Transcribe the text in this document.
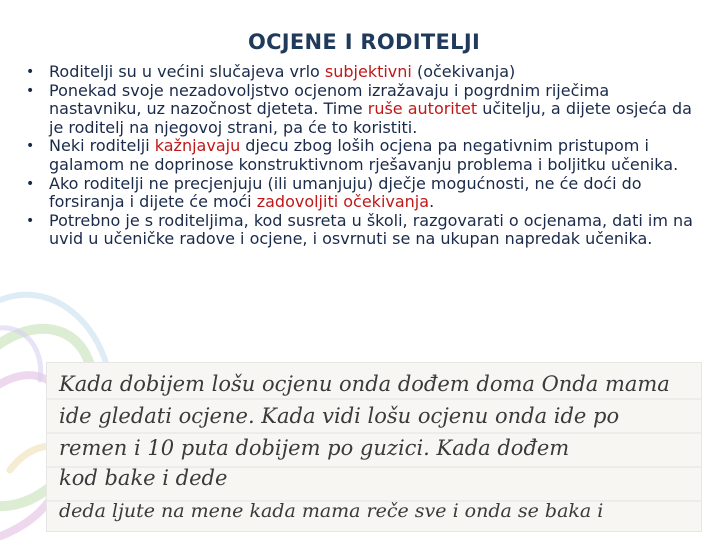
OCJENE I RODITELJI
• Roditelji su u većini slučajeva vrlo subjektivni (očekivanja)
• Ponekad svoje nezadovoljstvo ocjenom izražavaju i pogrdnim riječima nastavniku, uz nazočnost djeteta. Time ruše autoritet učitelju, a dijete osjeća da je roditelj na njegovoj strani, pa će to koristiti.
• Neki roditelji kažnjavaju djecu zbog loših ocjena pa negativnim pristupom i galamom ne doprinose konstruktivnom rješavanju problema i boljitku učenika.
• Ako roditelji ne precjenjuju (ili umanjuju) dječje mogućnosti, ne će doći do forsiranja i dijete će moći zadovoljiti očekivanja.
• Potrebno je s roditeljima, kod susreta u školi, razgovarati o ocjenama, dati im na uvid u učeničke radove i ocjene, i osvrnuti se na ukupan napredak učenika.
Kada dobijem lošu ocjenu onda dođem doma Onda mama
ide gledati ocjene. Kada vidi lošu ocjenu onda ide po
remen i 10 puta dobijem po guzici. Kada dođem
kod bake i dede
deda ljute na mene kada mama reče sve i onda se baka i
